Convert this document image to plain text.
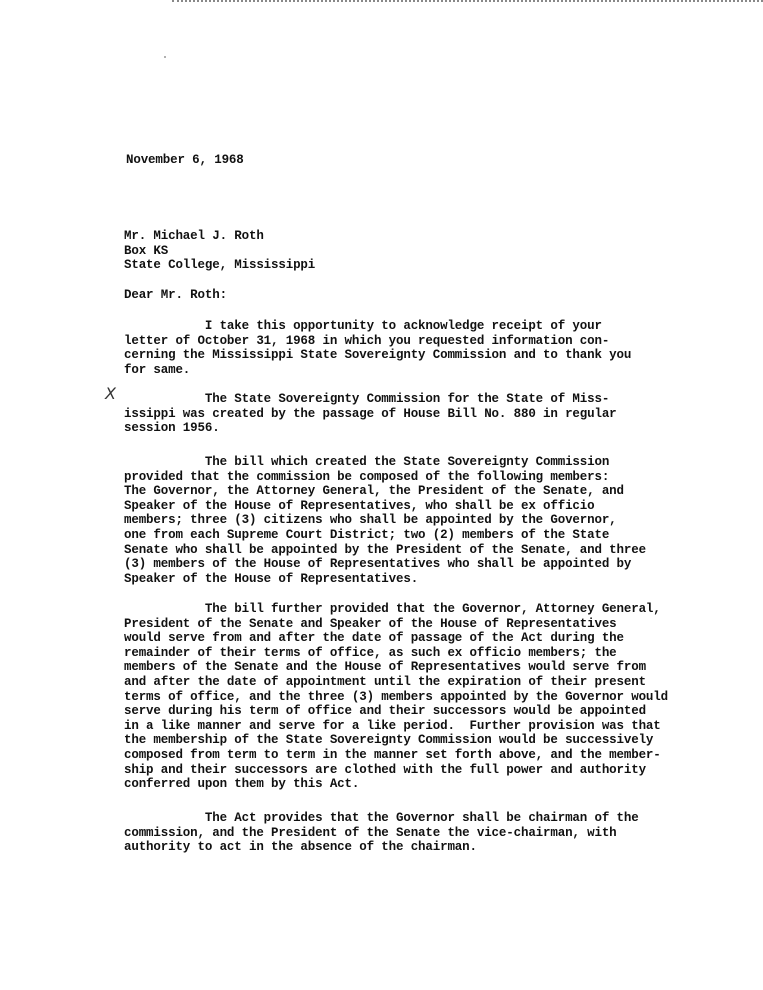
November 6, 1968
Mr. Michael J. Roth
Box KS
State College, Mississippi
Dear Mr. Roth:
X
I take this opportunity to acknowledge receipt of your
letter of October 31, 1968 in which you requested information con-
cerning the Mississippi State Sovereignty Commission and to thank you
for same.
The State Sovereignty Commission for the State of Miss-
issippi was created by the passage of House Bill No. 880 in regular
session 1956.
The bill which created the State Sovereignty Commission
provided that the commission be composed of the following members:
The Governor, the Attorney General, the President of the Senate, and
Speaker of the House of Representatives, who shall be ex officio
members; three (3) citizens who shall be appointed by the Governor,
one from each Supreme Court District; two (2) members of the State
Senate who shall be appointed by the President of the Senate, and three
(3) members of the House of Representatives who shall be appointed by
Speaker of the House of Representatives.
The bill further provided that the Governor, Attorney General,
President of the Senate and Speaker of the House of Representatives
would serve from and after the date of passage of the Act during the
remainder of their terms of office, as such ex officio members; the
members of the Senate and the House of Representatives would serve from
and after the date of appointment until the expiration of their present
terms of office, and the three (3) members appointed by the Governor would
serve during his term of office and their successors would be appointed
in a like manner and serve for a like period.  Further provision was that
the membership of the State Sovereignty Commission would be successively
composed from term to term in the manner set forth above, and the member-
ship and their successors are clothed with the full power and authority
conferred upon them by this Act.
The Act provides that the Governor shall be chairman of the
commission, and the President of the Senate the vice-chairman, with
authority to act in the absence of the chairman.
